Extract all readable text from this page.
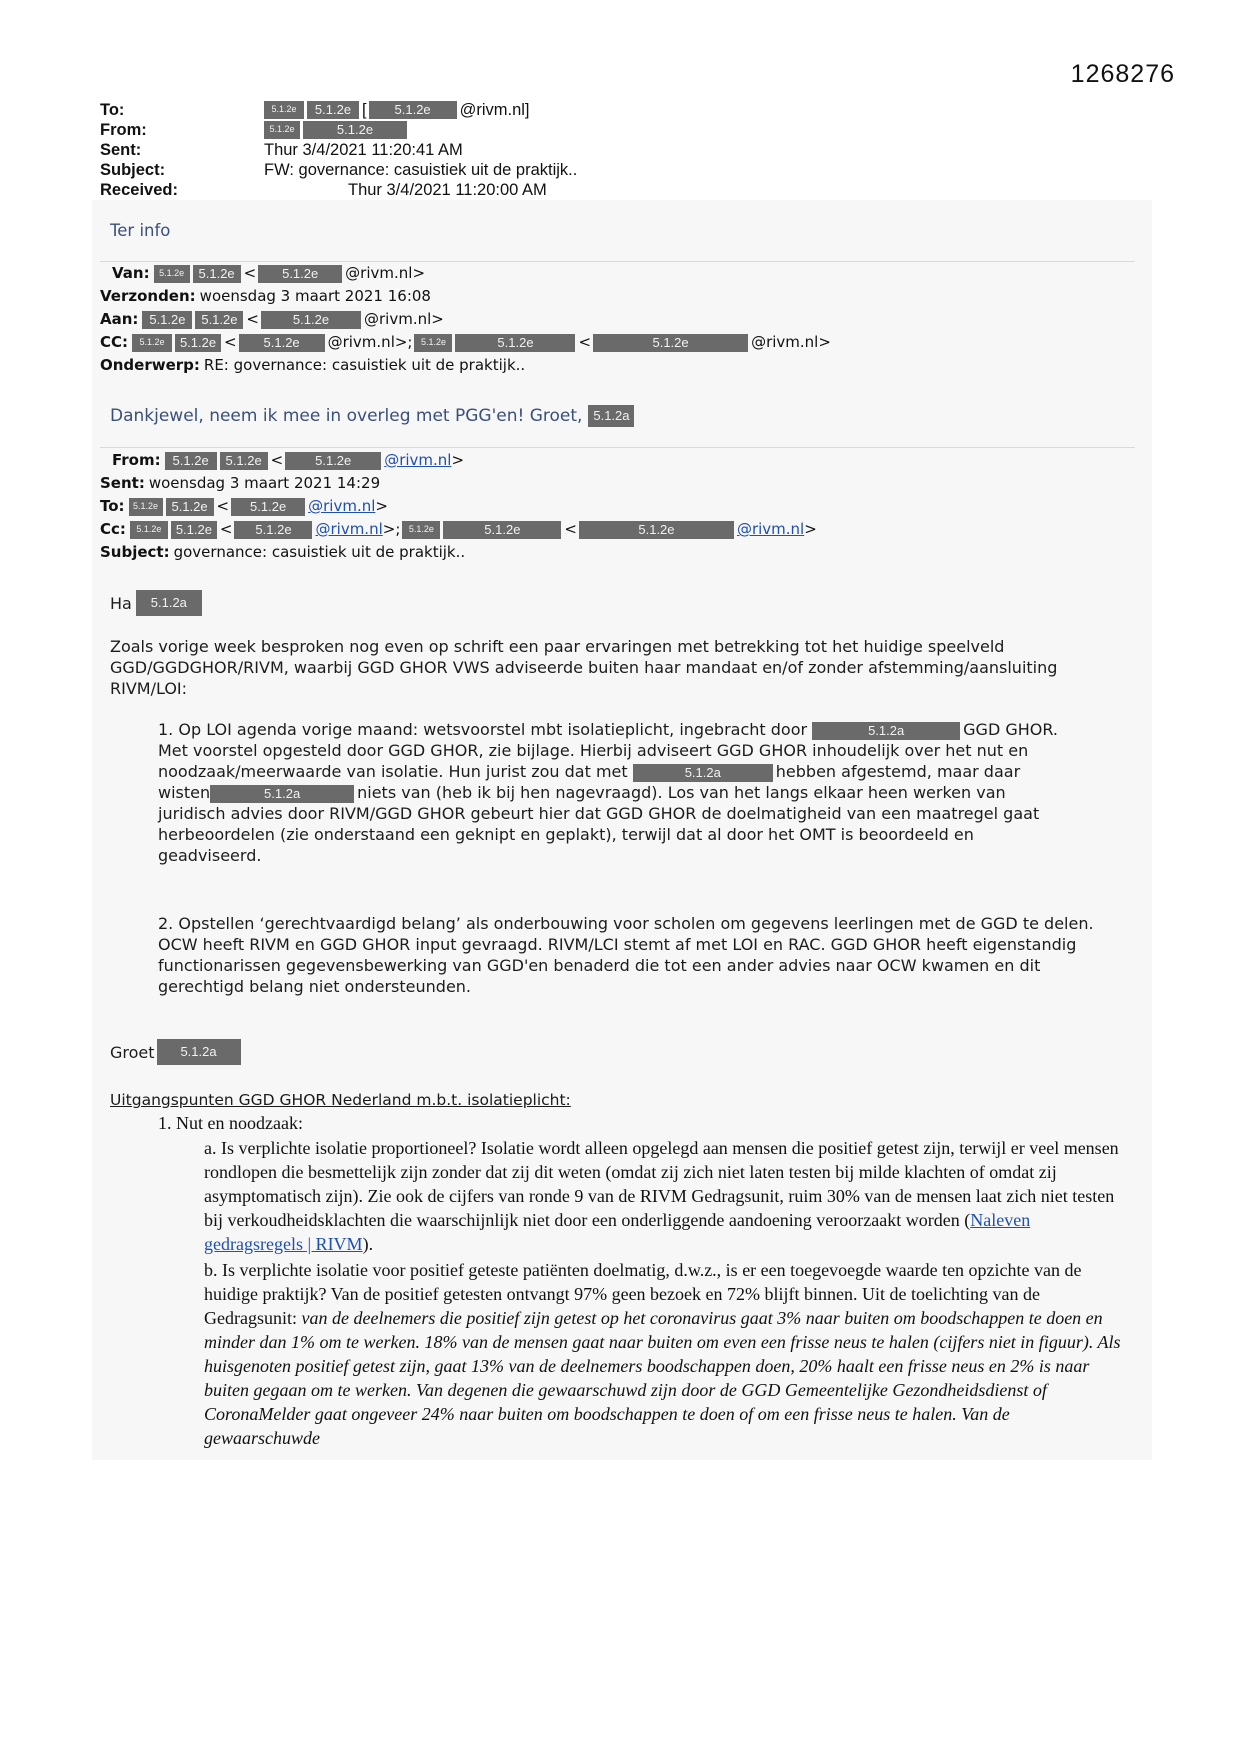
1268276
To:	5.1.2e	5.1.2e [	5.1.2e	@rivm.nl]
From:	5.1.2e	5.1.2e
Sent:	Thur 3/4/2021 11:20:41 AM
Subject:	FW: governance: casuistiek uit de praktijk..
Received:	Thur 3/4/2021 11:20:00 AM
Ter info
Van:	5.1.2e	5.1.2e <	5.1.2e	@rivm.nl>
Verzonden: woensdag 3 maart 2021 16:08
Aan: 5.1.2e	5.1.2e <	5.1.2e	@rivm.nl>
CC:	5.1.2e	5.1.2e <	5.1.2e	@rivm.nl>; 5.1.2e	5.1.2e	<	5.1.2e	@rivm.nl>
Onderwerp: RE: governance: casuistiek uit de praktijk..
Dankjewel, neem ik mee in overleg met PGG'en! Groet, 5.1.2a
From: 5.1.2e	5.1.2e <	5.1.2e	@rivm.nl >
Sent: woensdag 3 maart 2021 14:29
To: 5.1.2e	5.1.2e <	5.1.2e	@rivm.nl >
Cc:	5.1.2e	5.1.2e <	5.1.2e	@rivm.nl >; 5.1.2e	5.1.2e	<	5.1.2e	@rivm.nl >
Subject: governance: casuistiek uit de praktijk..
Ha	5.1.2a
Zoals vorige week besproken nog even op schrift een paar ervaringen met betrekking tot het huidige speelveld GGD/GGDGHOR/RIVM, waarbij GGD GHOR VWS adviseerde buiten haar mandaat en/of zonder afstemming/aansluiting RIVM/LOI:

1. Op LOI agenda vorige maand: wetsvoorstel mbt isolatieplicht, ingebracht door	5.1.2a	GGD GHOR.

Met voorstel opgesteld door GGD GHOR, zie bijlage. Hierbij adviseert GGD GHOR inhoudelijk over het nut en

noodzaak/meerwaarde van isolatie. Hun jurist zou dat met	5.1.2a	hebben afgestemd, maar daar

wisten	5.1.2a	niets van (heb ik bij hen nagevraagd). Los van het langs elkaar heen werken van

juridisch advies door RIVM/GGD GHOR gebeurt hier dat GGD GHOR de doelmatigheid van een maatregel gaat

herbeoordelen (zie onderstaand een geknipt en geplakt), terwijl dat al door het OMT is beoordeeld en

geadviseerd.

2. Opstellen ‘gerechtvaardigd belang’ als onderbouwing voor scholen om gegevens leerlingen met de GGD te delen. OCW heeft RIVM en GGD GHOR input gevraagd. RIVM/LCI stemt af met LOI en RAC. GGD GHOR heeft eigenstandig functionarissen gegevensbewerking van GGD'en benaderd die tot een ander advies naar OCW kwamen en dit gerechtigd belang niet ondersteunden.
Groet	5.1.2a
Uitgangspunten GGD GHOR Nederland m.b.t. isolatieplicht:
1. Nut en noodzaak:

a. Is verplichte isolatie proportioneel? Isolatie wordt alleen opgelegd aan mensen die positief getest zijn, terwijl er veel mensen rondlopen die besmettelijk zijn zonder dat zij dit weten (omdat zij zich niet laten testen bij milde klachten of omdat zij asymptomatisch zijn). Zie ook de cijfers van ronde 9 van de RIVM Gedragsunit, ruim 30% van de mensen laat zich niet testen bij verkoudheidsklachten die waarschijnlijk niet door een onderliggende aandoening veroorzaakt worden (Naleven gedragsregels | RIVM).

b. Is verplichte isolatie voor positief geteste patiënten doelmatig, d.w.z., is er een toegevoegde waarde ten opzichte van de huidige praktijk? Van de positief getesten ontvangt 97% geen bezoek en 72% blijft binnen. Uit de toelichting van de Gedragsunit: van de deelnemers die positief zijn getest op het coronavirus gaat 3% naar buiten om boodschappen te doen en minder dan 1% om te werken. 18% van de mensen gaat naar buiten om even een frisse neus te halen (cijfers niet in figuur). Als huisgenoten positief getest zijn, gaat 13% van de deelnemers boodschappen doen, 20% haalt een frisse neus en 2% is naar buiten gegaan om te werken. Van degenen die gewaarschuwd zijn door de GGD Gemeentelijke Gezondheidsdienst of CoronaMelder gaat ongeveer 24% naar buiten om boodschappen te doen of om een frisse neus te halen. Van de gewaarschuwde
